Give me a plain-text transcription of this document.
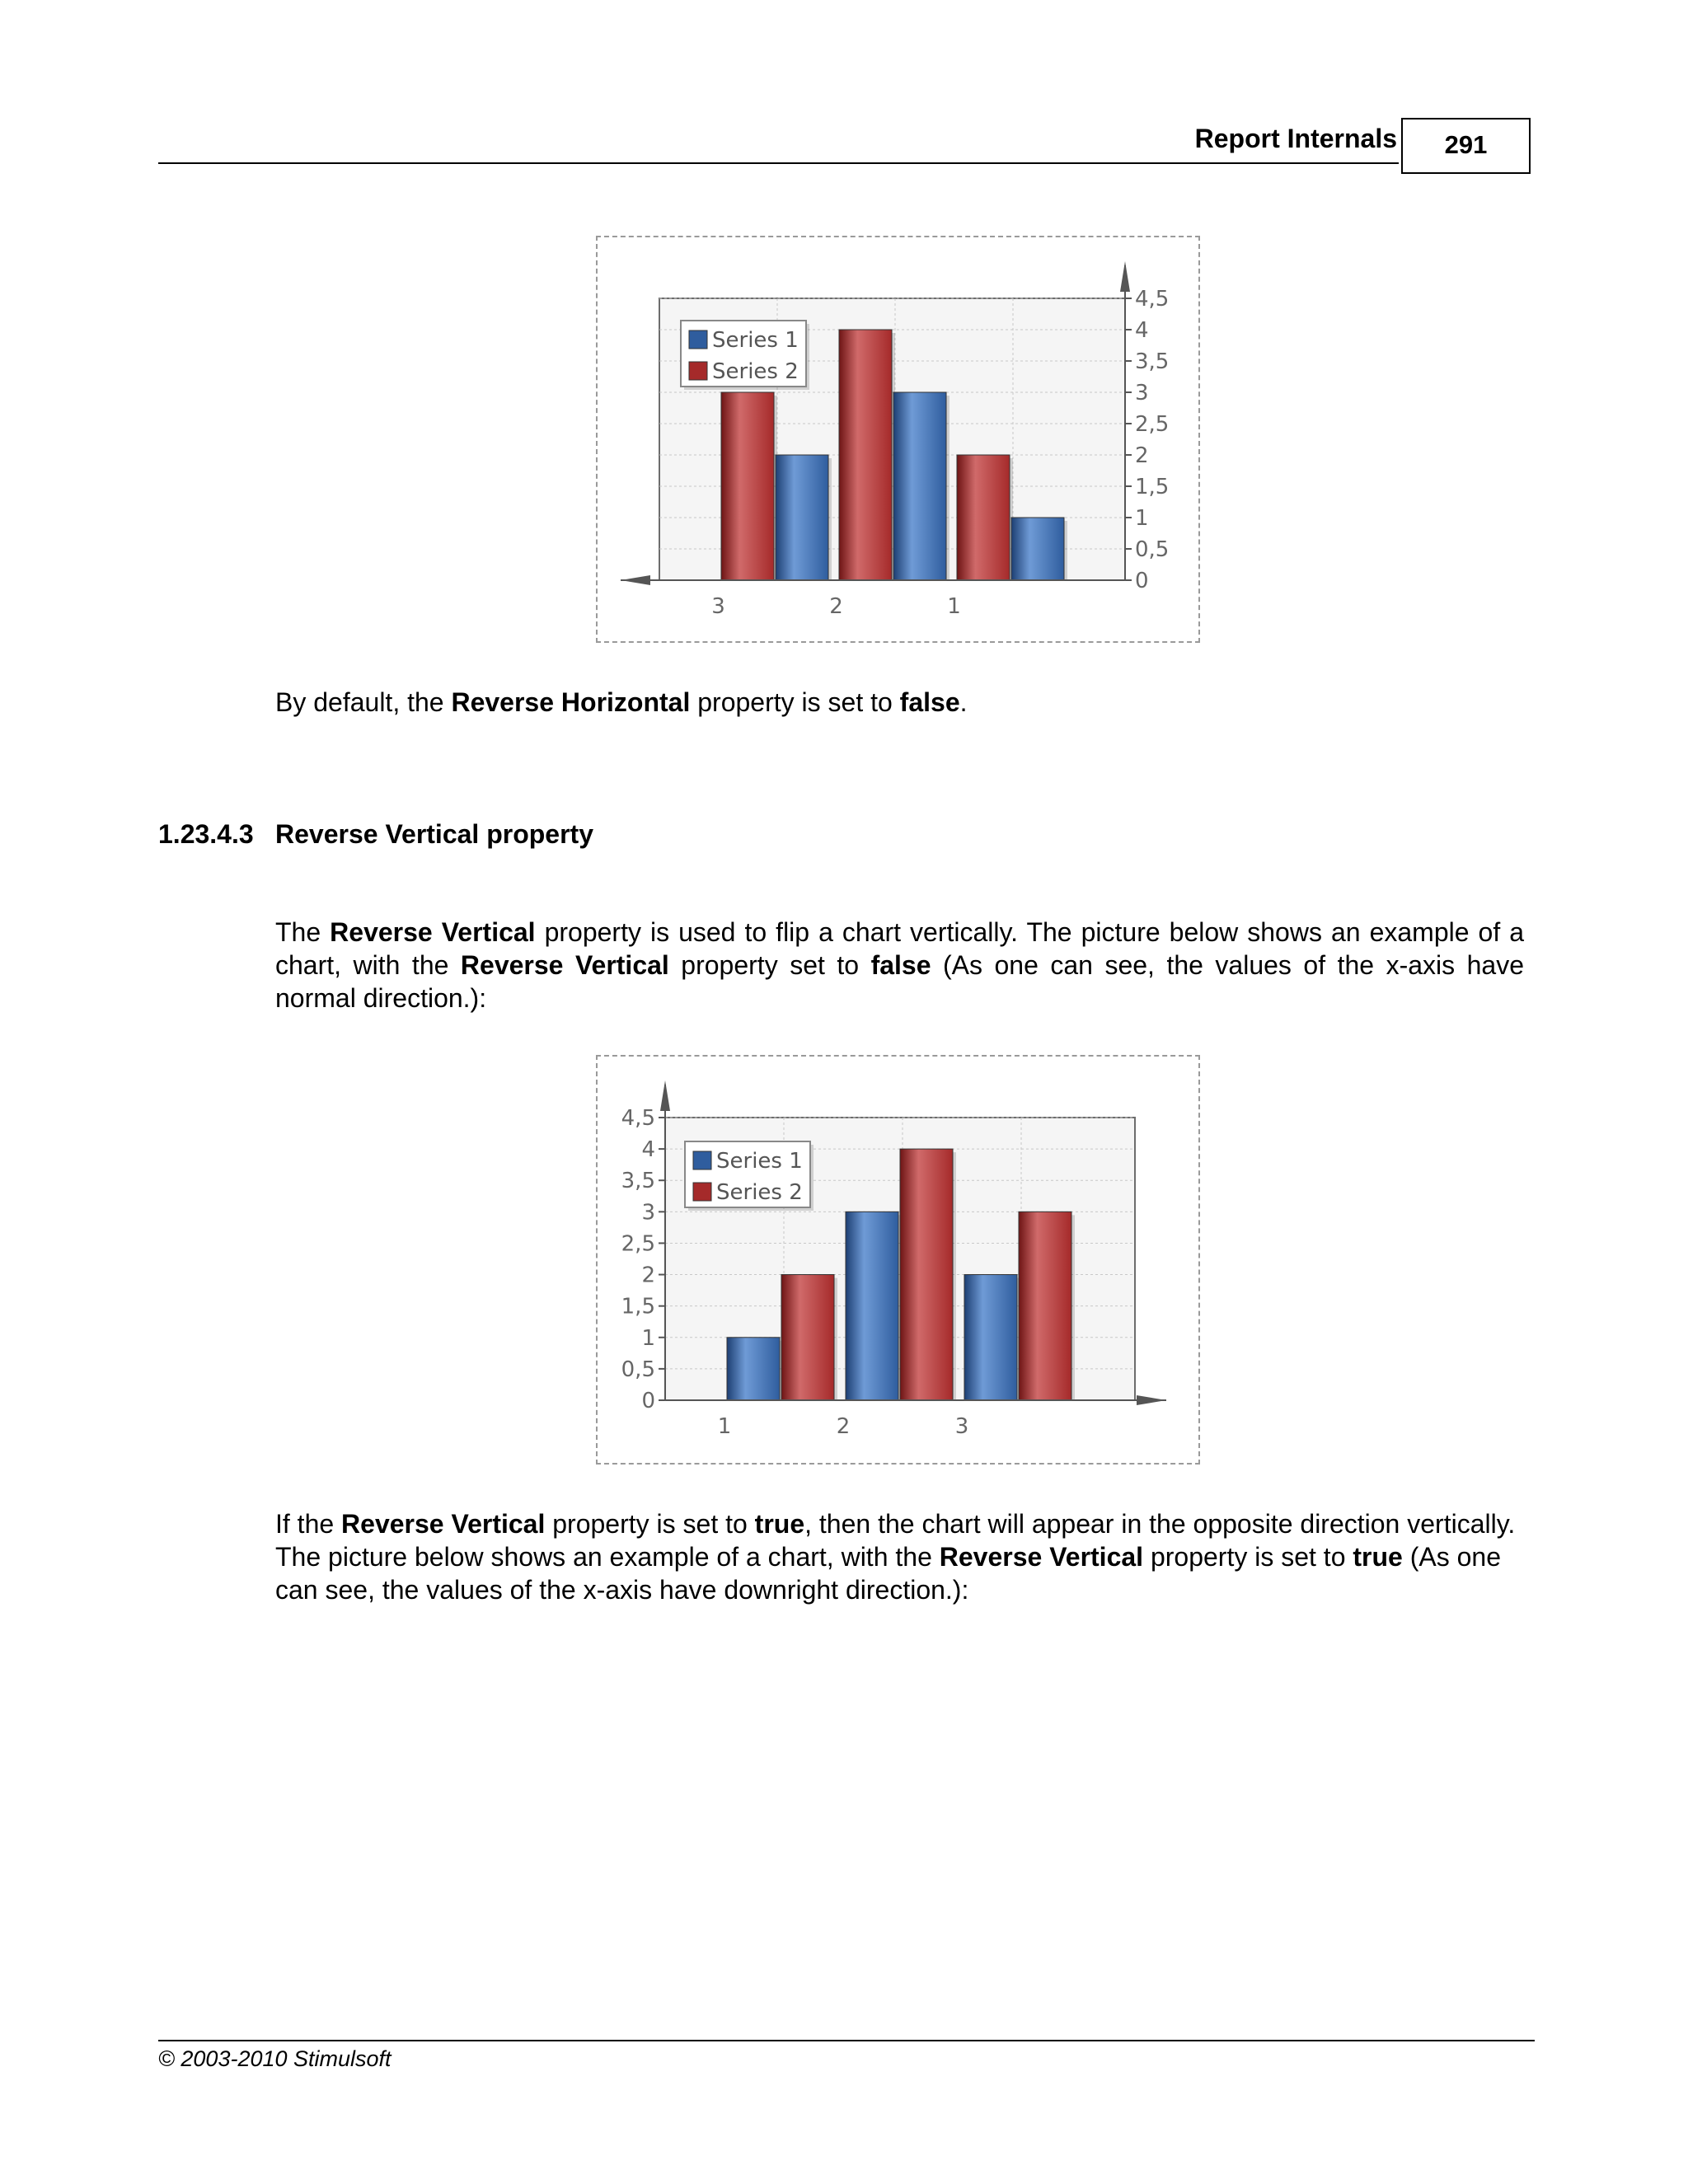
Report Internals	291
3	2	1
0
0,5
1
1,5
2
2,5
3
3,5
4
4,5
Series 1
Series 2
By default, the Reverse Horizontal property is set to false.
1.23.4.3 Reverse Vertical property
The Reverse Vertical property is used to flip a chart vertically. The picture below shows an example of a chart, with the Reverse Vertical property set to false (As one can see, the values of the x-axis have normal direction.):
1	2	3
0
0,5
1
1,5
2
2,5
3
3,5
4
4,5
Series 1
Series 2
If the Reverse Vertical property is set to true, then the chart will appear in the opposite direction vertically. The picture below shows an example of a chart, with the Reverse Vertical property is set to true (As one can see, the values of the x-axis have downright direction.):
© 2003-2010 Stimulsoft
